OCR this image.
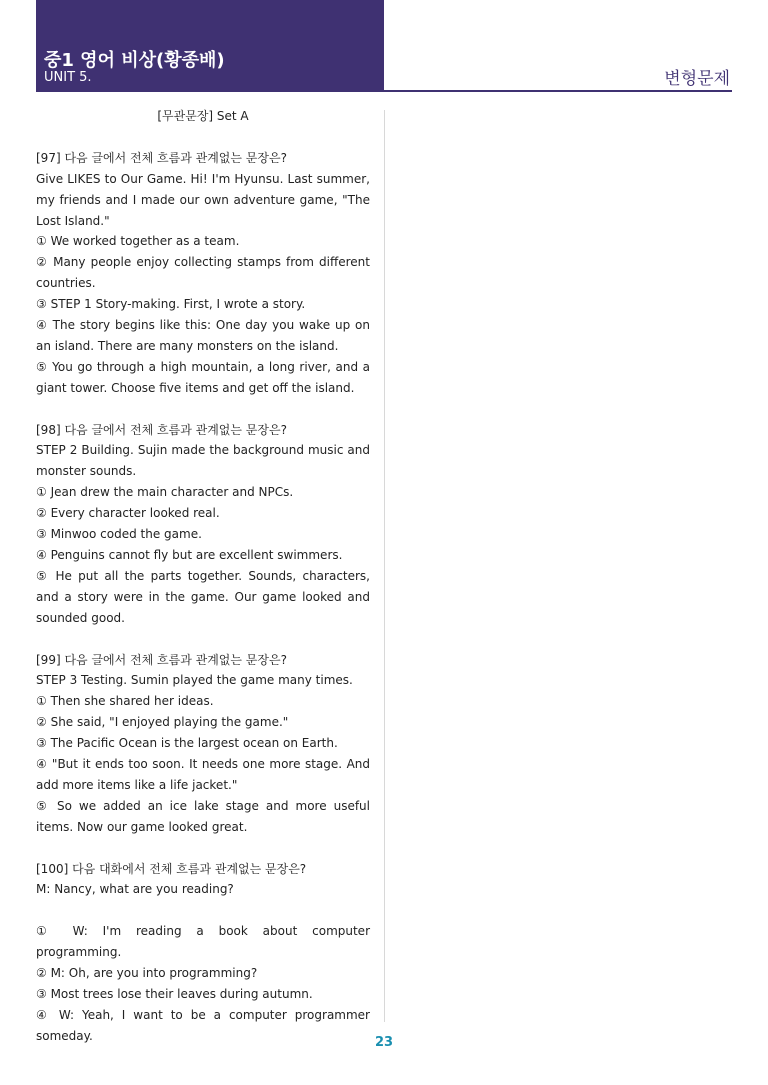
중1 영어 비상(황종배)
UNIT 5.	변형문제

[무관문장] Set A

[97] 다음 글에서 전체 흐름과 관계없는 문장은?

Give LIKES to Our Game. Hi! I'm Hyunsu. Last summer, my friends and I made our own adventure game, "The Lost Island."

① We worked together as a team.

② Many people enjoy collecting stamps from different countries.

③ STEP 1 Story-making. First, I wrote a story.

④ The story begins like this: One day you wake up on an island. There are many monsters on the island.

⑤ You go through a high mountain, a long river, and a giant tower. Choose five items and get off the island.

[98] 다음 글에서 전체 흐름과 관계없는 문장은?

STEP 2 Building. Sujin made the background music and monster sounds.

① Jean drew the main character and NPCs.

② Every character looked real.

③ Minwoo coded the game.

④ Penguins cannot fly but are excellent swimmers.

⑤ He put all the parts together. Sounds, characters, and a story were in the game. Our game looked and sounded good.

[99] 다음 글에서 전체 흐름과 관계없는 문장은?

STEP 3 Testing. Sumin played the game many times.

① Then she shared her ideas.

② She said, "I enjoyed playing the game."

③ The Pacific Ocean is the largest ocean on Earth.

④ "But it ends too soon. It needs one more stage. And add more items like a life jacket."

⑤ So we added an ice lake stage and more useful items. Now our game looked great.

[100] 다음 대화에서 전체 흐름과 관계없는 문장은?

M: Nancy, what are you reading?

① W: I'm reading a book about computer programming.

② M: Oh, are you into programming?

③ Most trees lose their leaves during autumn.

④ W: Yeah, I want to be a computer programmer someday.	23
